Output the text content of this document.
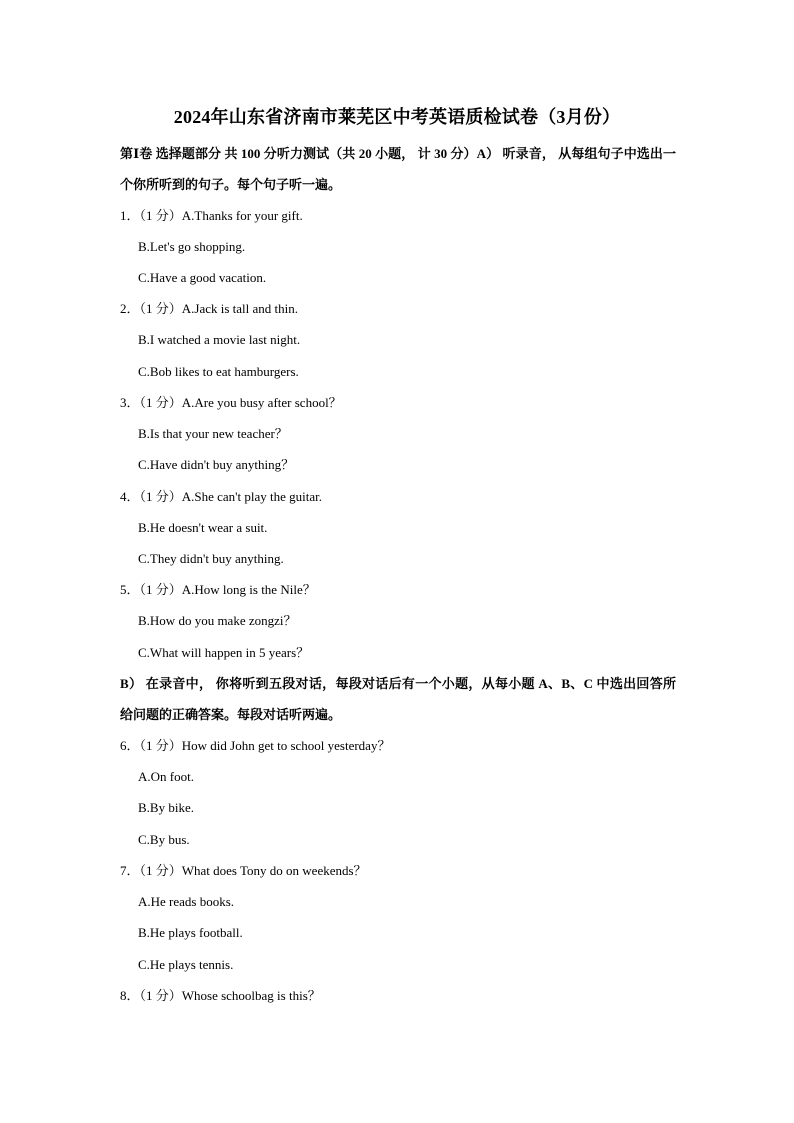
2024年山东省济南市莱芜区中考英语质检试卷（3月份）
第Ⅰ卷 选择题部分 共 100 分听力测试（共 20 小题， 计 30 分）A） 听录音， 从每组句子中选出一个你所听到的句子。每个句子听一遍。
1．（1 分）A.Thanks for your gift.
B.Let's go shopping.
C.Have a good vacation.
2．（1 分）A.Jack is tall and thin.
B.I watched a movie last night.
C.Bob likes to eat hamburgers.
3．（1 分）A.Are you busy after school？
B.Is that your new teacher？
C.Have didn't buy anything？
4．（1 分）A.She can't play the guitar.
B.He doesn't wear a suit.
C.They didn't buy anything.
5．（1 分）A.How long is the Nile？
B.How do you make zongzi？
C.What will happen in 5 years？
B） 在录音中， 你将听到五段对话，每段对话后有一个小题，从每小题 A、B、C 中选出回答所给问题的正确答案。每段对话听两遍。
6．（1 分）How did John get to school yesterday？
A.On foot.
B.By bike.
C.By bus.
7．（1 分）What does Tony do on weekends？
A.He reads books.
B.He plays football.
C.He plays tennis.
8．（1 分）Whose schoolbag is this？
